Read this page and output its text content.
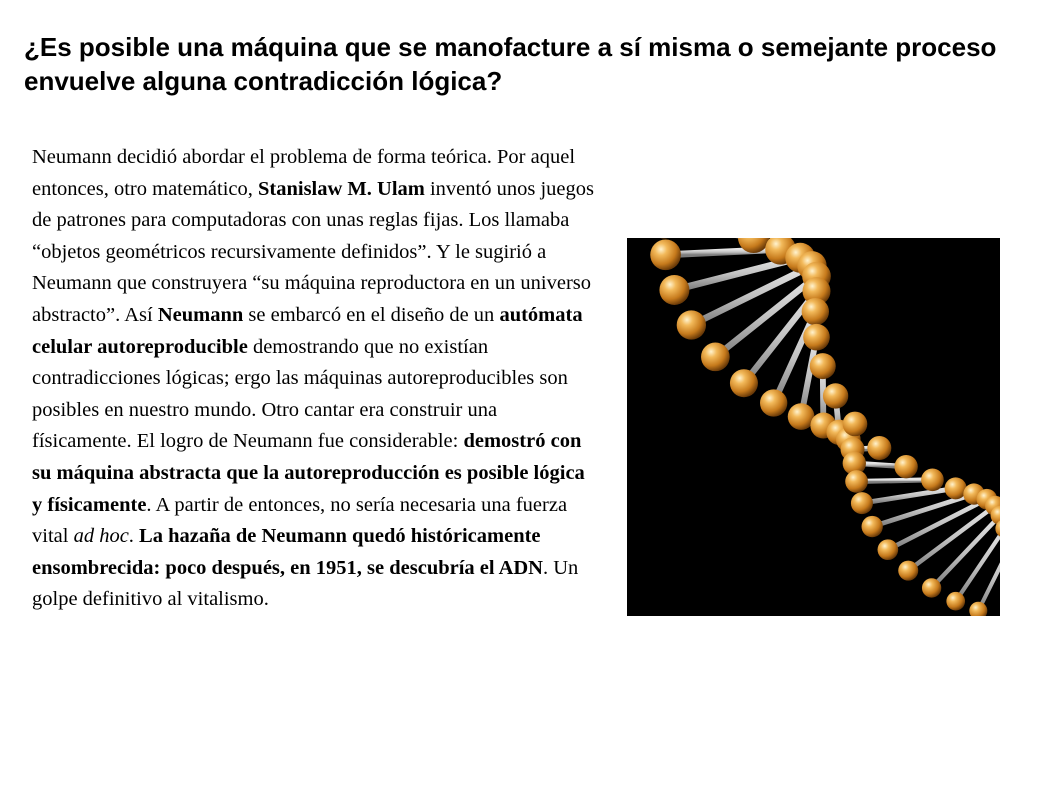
¿Es posible una máquina que se manofacture a sí misma o semejante proceso envuelve alguna contradicción lógica?

Neumann decidió abordar el problema de forma teórica. Por aquel entonces, otro matemático, Stanislaw M. Ulam inventó unos juegos de patrones para computadoras con unas reglas fijas. Los llamaba “objetos geométricos recursivamente definidos”. Y le sugirió a Neumann que construyera “su máquina reproductora en un universo abstracto”. Así Neumann se embarcó en el diseño de un autómata celular autoreproducible demostrando que no existían contradicciones lógicas; ergo las máquinas autoreproducibles son posibles en nuestro mundo. Otro cantar era construir una físicamente. El logro de Neumann fue considerable: demostró con su máquina abstracta que la autoreproducción es posible lógica y físicamente. A partir de entonces, no sería necesaria una fuerza vital ad hoc. La hazaña de Neumann quedó históricamente ensombrecida: poco después, en 1951, se descubría el ADN. Un golpe definitivo al vitalismo.
